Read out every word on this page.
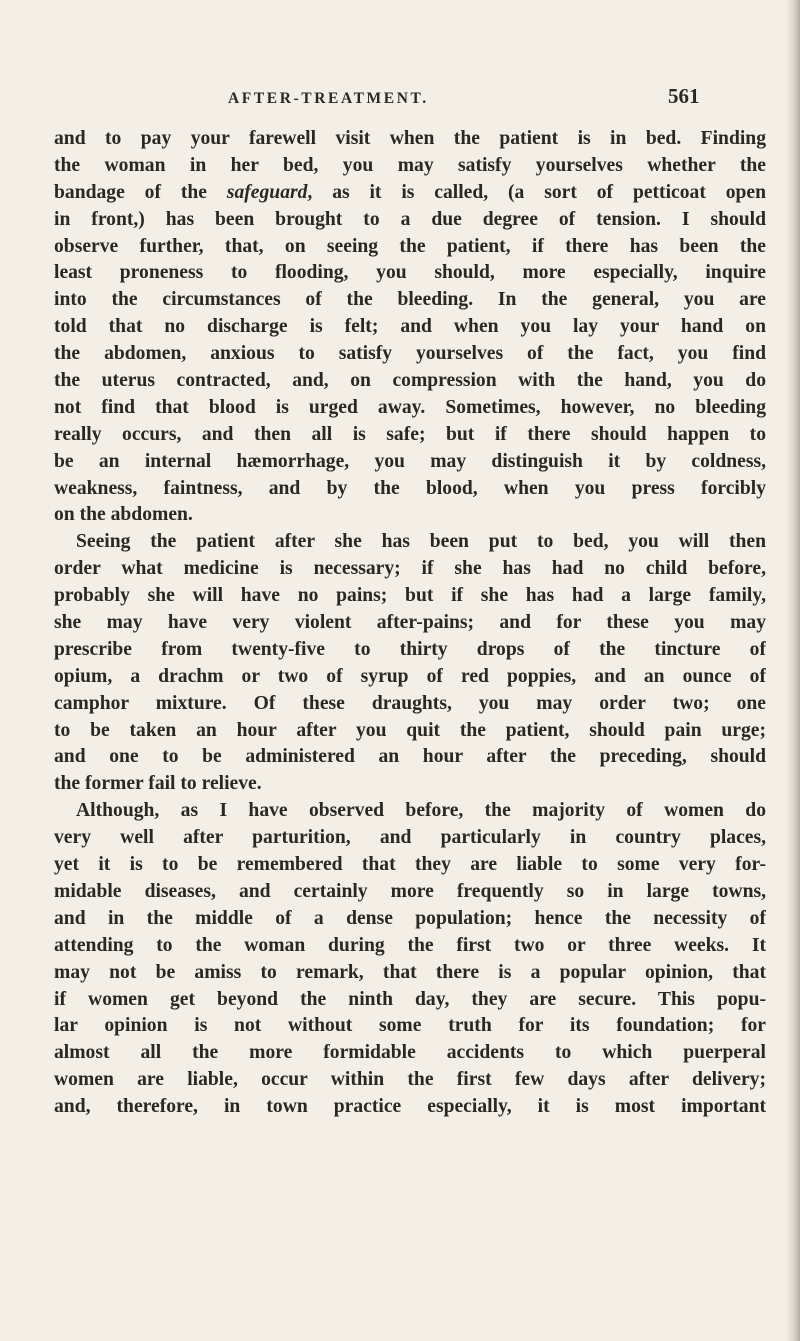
AFTER-TREATMENT.	561
and to pay your farewell visit when the patient is in bed. Finding
the woman in her bed, you may satisfy yourselves whether the
bandage of the safeguard, as it is called, (a sort of petticoat open
in front,) has been brought to a due degree of tension. I should
observe further, that, on seeing the patient, if there has been the
least proneness to flooding, you should, more especially, inquire
into the circumstances of the bleeding. In the general, you are
told that no discharge is felt; and when you lay your hand on
the abdomen, anxious to satisfy yourselves of the fact, you find
the uterus contracted, and, on compression with the hand, you do
not find that blood is urged away. Sometimes, however, no bleeding
really occurs, and then all is safe; but if there should happen to
be an internal hæmorrhage, you may distinguish it by coldness,
weakness, faintness, and by the blood, when you press forcibly
on the abdomen.
Seeing the patient after she has been put to bed, you will then
order what medicine is necessary; if she has had no child before,
probably she will have no pains; but if she has had a large family,
she may have very violent after-pains; and for these you may
prescribe from twenty-five to thirty drops of the tincture of
opium, a drachm or two of syrup of red poppies, and an ounce of
camphor mixture. Of these draughts, you may order two; one
to be taken an hour after you quit the patient, should pain urge;
and one to be administered an hour after the preceding, should
the former fail to relieve.
Although, as I have observed before, the majority of women do
very well after parturition, and particularly in country places,
yet it is to be remembered that they are liable to some very for-
midable diseases, and certainly more frequently so in large towns,
and in the middle of a dense population; hence the necessity of
attending to the woman during the first two or three weeks. It
may not be amiss to remark, that there is a popular opinion, that
if women get beyond the ninth day, they are secure. This popu-
lar opinion is not without some truth for its foundation; for
almost all the more formidable accidents to which puerperal
women are liable, occur within the first few days after delivery;
and, therefore, in town practice especially, it is most important
